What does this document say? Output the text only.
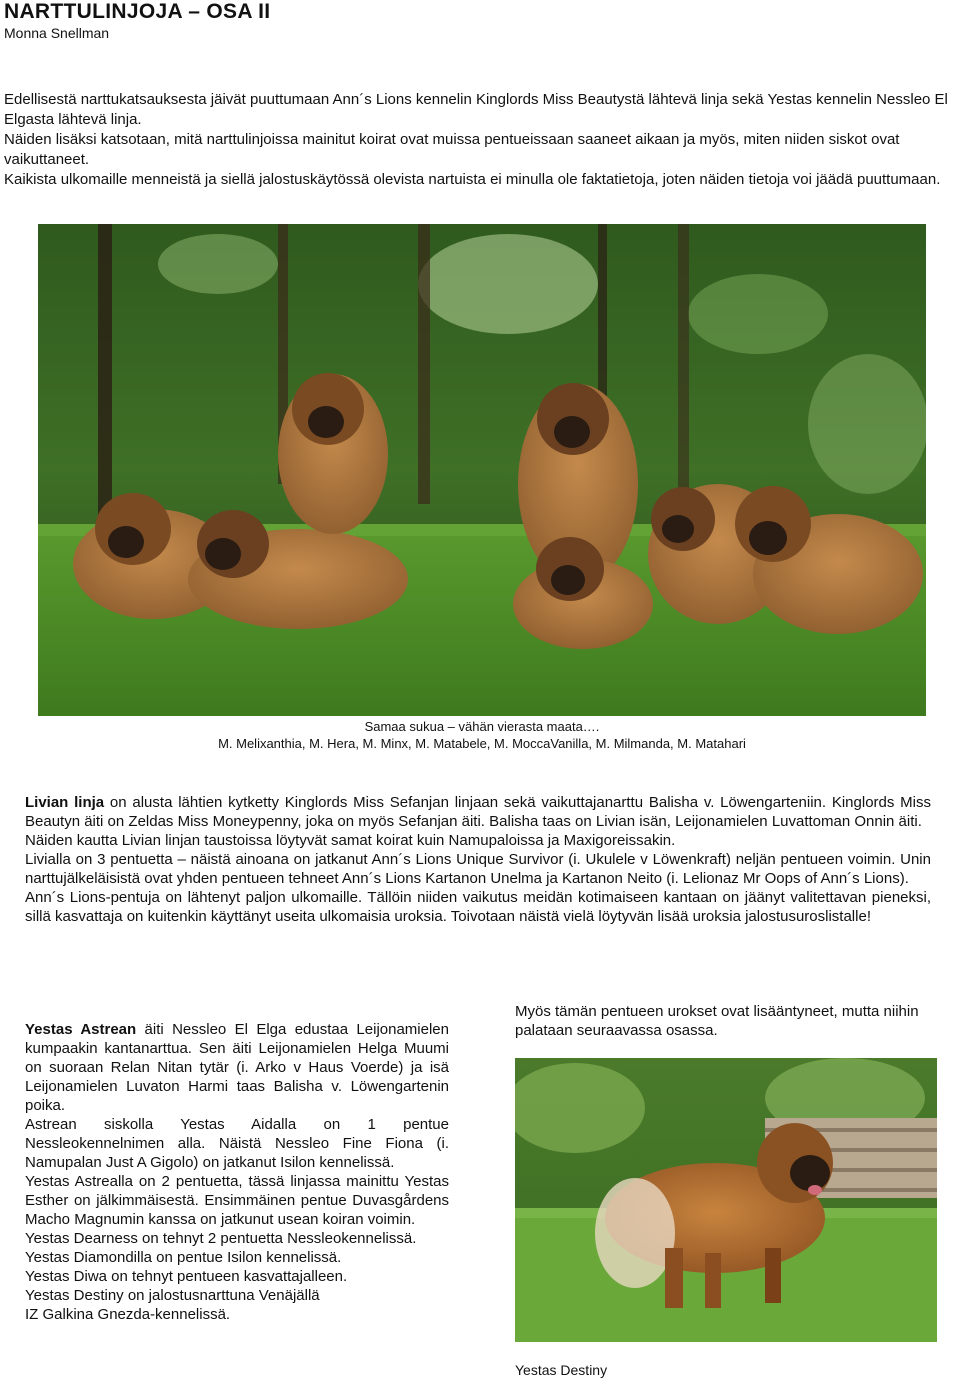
NARTTULINJOJA – OSA II
Monna Snellman

Edellisestä narttukatsauksesta jäivät puuttumaan Ann´s Lions kennelin Kinglords Miss Beautystä lähtevä linja sekä Yestas kennelin Nessleo El Elgasta lähtevä linja.

Näiden lisäksi katsotaan, mitä narttulinjoissa mainitut koirat ovat muissa pentueissaan saaneet aikaan ja myös, miten niiden siskot ovat vaikuttaneet.

Kaikista ulkomaille menneistä ja siellä jalostuskäytössä olevista nartuista ei minulla ole faktatietoja, joten näiden tietoja voi jäädä puuttumaan.

Samaa sukua – vähän vierasta maata….
M. Melixanthia, M. Hera, M. Minx, M. Matabele, M. MoccaVanilla, M. Milmanda, M. Matahari

Livian linja on alusta lähtien kytketty Kinglords Miss Sefanjan linjaan sekä vaikuttajanarttu Balisha v. Löwengarteniin. Kinglords Miss Beautyn äiti on Zeldas Miss Moneypenny, joka on myös Sefanjan äiti. Balisha taas on Livian isän, Leijonamielen Luvattoman Onnin äiti.

Näiden kautta Livian linjan taustoissa löytyvät samat koirat kuin Namupaloissa ja Maxigoreissakin.

Livialla on 3 pentuetta – näistä ainoana on jatkanut Ann´s Lions Unique Survivor (i. Ukulele v Löwenkraft) neljän pentueen voimin. Unin narttujälkeläisistä ovat yhden pentueen tehneet Ann´s Lions Kartanon Unelma ja Kartanon Neito (i. Lelionaz Mr Oops of Ann´s Lions).

Ann´s Lions-pentuja on lähtenyt paljon ulkomaille. Tällöin niiden vaikutus meidän kotimaiseen kantaan on jäänyt valitettavan pieneksi, sillä kasvattaja on kuitenkin käyttänyt useita ulkomaisia uroksia. Toivotaan näistä vielä löytyvän lisää uroksia jalostusuroslistalle!

Yestas Astrean äiti Nessleo El Elga edustaa Leijonamielen kumpaakin kantanarttua. Sen äiti Leijonamielen Helga Muumi on suoraan Relan Nitan tytär (i. Arko v Haus Voerde) ja isä Leijonamielen Luvaton Harmi taas Balisha v. Löwengartenin poika.

Astrean siskolla Yestas Aidalla on 1 pentue Nessleokennelnimen alla. Näistä Nessleo Fine Fiona (i. Namupalan Just A Gigolo) on jatkanut Isilon kennelissä.

Yestas Astreallа on 2 pentuetta, tässä linjassa mainittu Yestas Esther on jälkimmäisestä. Ensimmäinen pentue Duvasgårdens Macho Magnumin kanssa on jatkunut usean koiran voimin.

Yestas Dearness on tehnyt 2 pentuetta Nessleokennelissä.

Yestas Diamondilla on pentue Isilon kennelissä.

Yestas Diwa on tehnyt pentueen kasvattajalleen.

Yestas Destiny on jalostusnarttuna Venäjällä

IZ Galkina Gnezda-kennelissä.

Myös tämän pentueen urokset ovat lisääntyneet, mutta niihin palataan seuraavassa osassa.
Yestas Destiny
